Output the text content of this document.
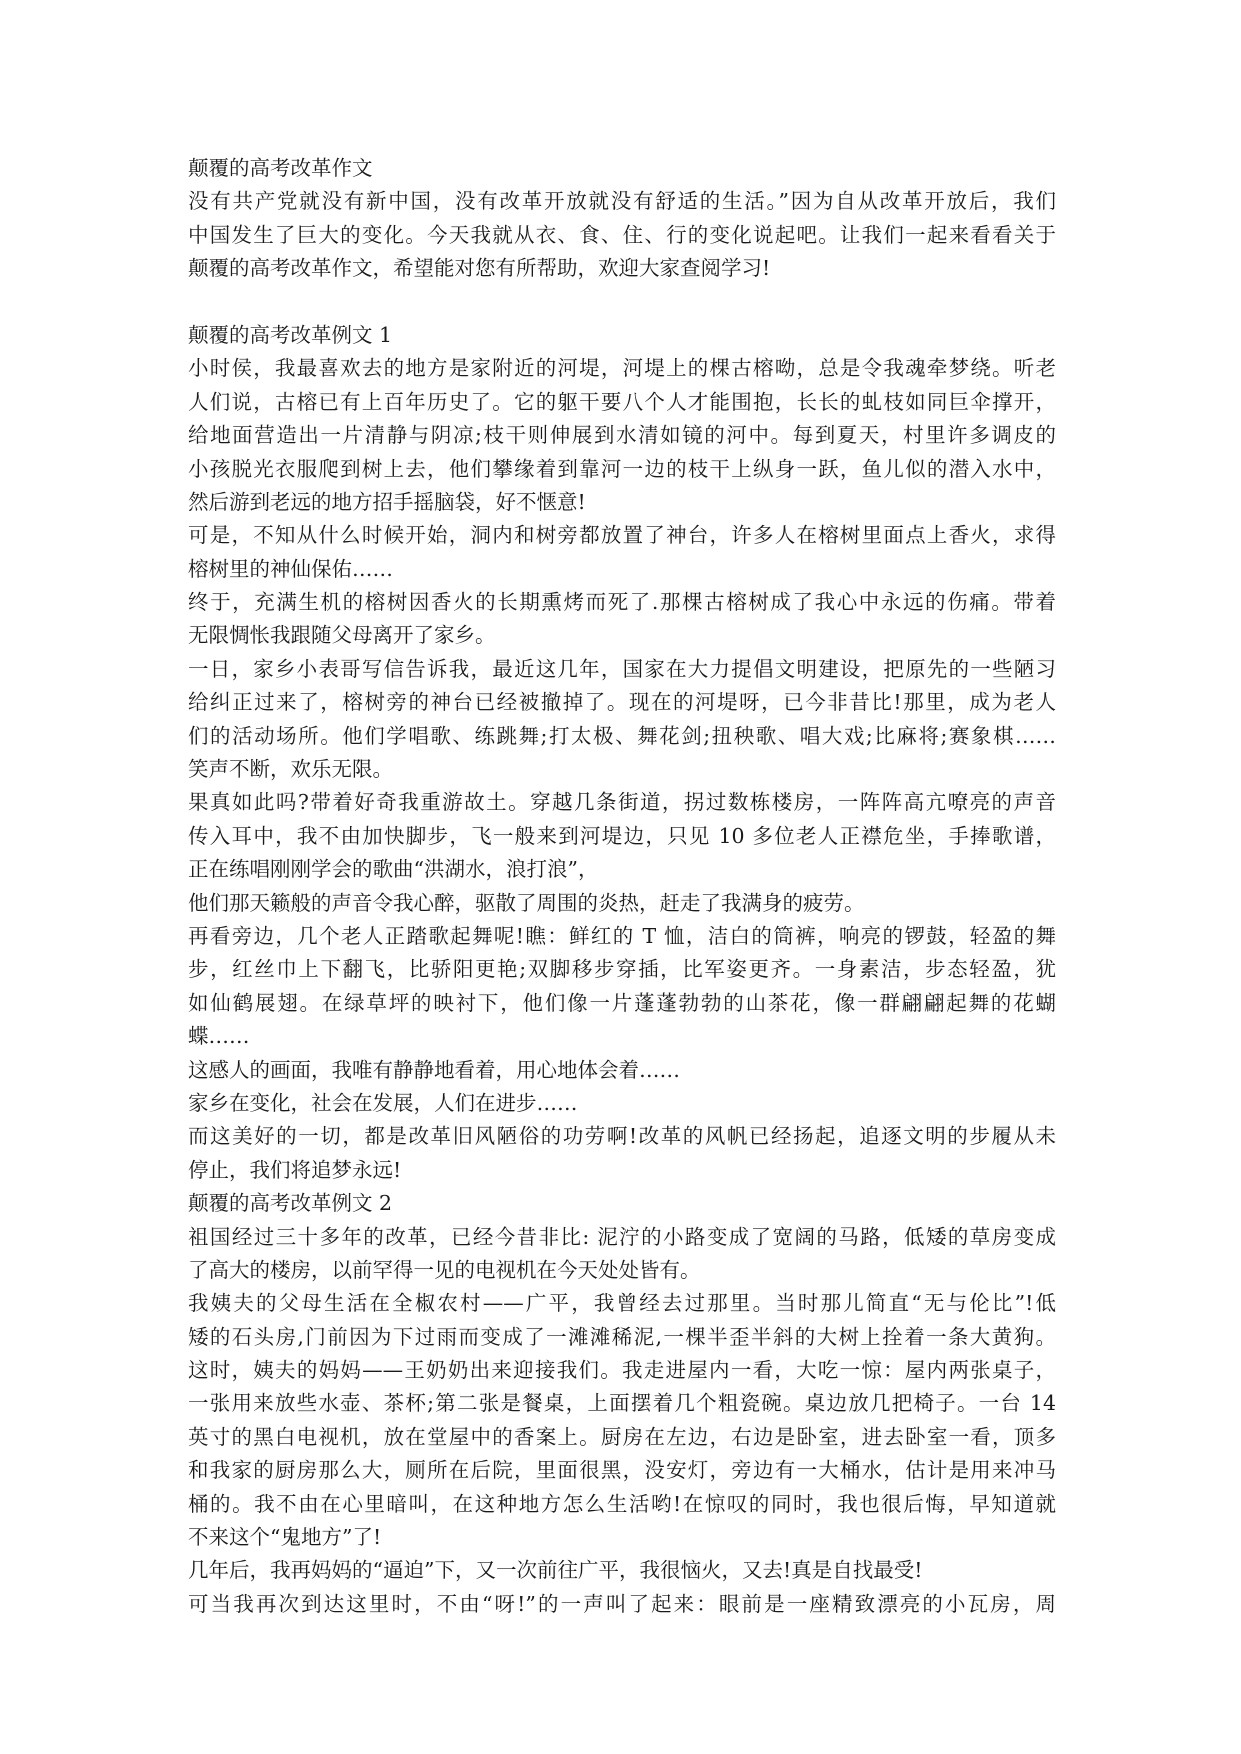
颠覆的高考改革作文
没有共产党就没有新中国，没有改革开放就没有舒适的生活。”因为自从改革开放后，我们
中国发生了巨大的变化。今天我就从衣、食、住、行的变化说起吧。让我们一起来看看关于
颠覆的高考改革作文，希望能对您有所帮助，欢迎大家查阅学习!
颠覆的高考改革例文 1
小时侯，我最喜欢去的地方是家附近的河堤，河堤上的棵古榕呦，总是令我魂牵梦绕。听老
人们说，古榕已有上百年历史了。它的躯干要八个人才能围抱，长长的虬枝如同巨伞撑开，
给地面营造出一片清静与阴凉;枝干则伸展到水清如镜的河中。每到夏天，村里许多调皮的
小孩脱光衣服爬到树上去，他们攀缘着到靠河一边的枝干上纵身一跃，鱼儿似的潜入水中，
然后游到老远的地方招手摇脑袋，好不惬意!
可是，不知从什么时候开始，洞内和树旁都放置了神台，许多人在榕树里面点上香火，求得
榕树里的神仙保佑……
终于，充满生机的榕树因香火的长期熏烤而死了.那棵古榕树成了我心中永远的伤痛。带着
无限惆怅我跟随父母离开了家乡。
一日，家乡小表哥写信告诉我，最近这几年，国家在大力提倡文明建设，把原先的一些陋习
给纠正过来了，榕树旁的神台已经被撤掉了。现在的河堤呀，已今非昔比!那里，成为老人
们的活动场所。他们学唱歌、练跳舞;打太极、舞花剑;扭秧歌、唱大戏;比麻将;赛象棋……
笑声不断，欢乐无限。
果真如此吗?带着好奇我重游故土。穿越几条街道，拐过数栋楼房，一阵阵高亢嘹亮的声音
传入耳中，我不由加快脚步，飞一般来到河堤边，只见 10 多位老人正襟危坐，手捧歌谱，
正在练唱刚刚学会的歌曲“洪湖水，浪打浪”，
他们那天籁般的声音令我心醉，驱散了周围的炎热，赶走了我满身的疲劳。
再看旁边，几个老人正踏歌起舞呢!瞧：鲜红的 T 恤，洁白的筒裤，响亮的锣鼓，轻盈的舞
步，红丝巾上下翻飞，比骄阳更艳;双脚移步穿插，比军姿更齐。一身素洁，步态轻盈，犹
如仙鹤展翅。在绿草坪的映衬下，他们像一片蓬蓬勃勃的山茶花，像一群翩翩起舞的花蝴
蝶……
这感人的画面，我唯有静静地看着，用心地体会着……
家乡在变化，社会在发展，人们在进步……
而这美好的一切，都是改革旧风陋俗的功劳啊!改革的风帆已经扬起，追逐文明的步履从未
停止，我们将追梦永远!
颠覆的高考改革例文 2
祖国经过三十多年的改革，已经今昔非比: 泥泞的小路变成了宽阔的马路，低矮的草房变成
了高大的楼房，以前罕得一见的电视机在今天处处皆有。
我姨夫的父母生活在全椒农村——广平，我曾经去过那里。当时那儿简直“无与伦比”!低
矮的石头房,门前因为下过雨而变成了一滩滩稀泥,一棵半歪半斜的大树上拴着一条大黄狗。
这时，姨夫的妈妈——王奶奶出来迎接我们。我走进屋内一看，大吃一惊：屋内两张桌子，
一张用来放些水壶、茶杯;第二张是餐桌，上面摆着几个粗瓷碗。桌边放几把椅子。一台 14
英寸的黑白电视机，放在堂屋中的香案上。厨房在左边，右边是卧室，进去卧室一看，顶多
和我家的厨房那么大，厕所在后院，里面很黑，没安灯，旁边有一大桶水，估计是用来冲马
桶的。我不由在心里暗叫，在这种地方怎么生活哟!在惊叹的同时，我也很后悔，早知道就
不来这个“鬼地方”了!
几年后，我再妈妈的“逼迫”下，又一次前往广平，我很恼火，又去!真是自找最受!
可当我再次到达这里时，不由“呀!”的一声叫了起来：眼前是一座精致漂亮的小瓦房，周
